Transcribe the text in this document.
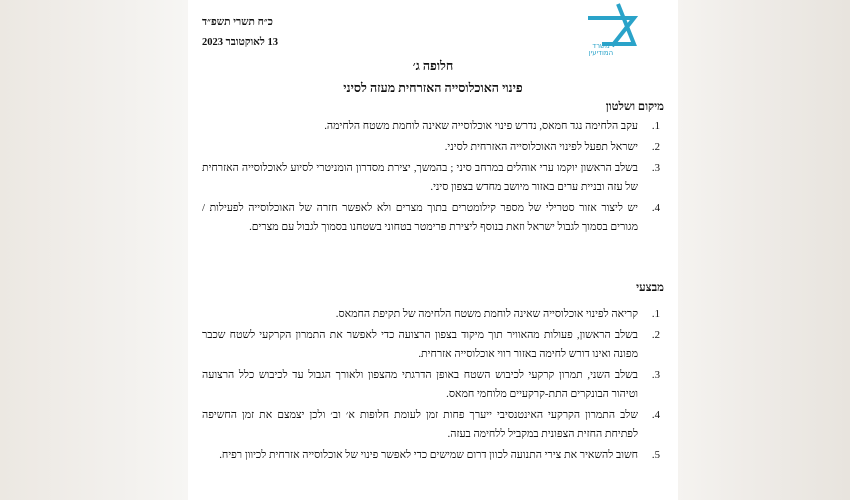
כ״ח תשרי תשפ״ד
13 לאוקטובר 2023	משרד
המודיעין
חלופה ג׳
פינוי האוכלוסייה האזרחית מעזה לסיני
מיקום ושלטון
1.
עקב הלחימה נגד חמאס, נדרש פינוי אוכלוסייה שאינה לוחמת משטח הלחימה.
2.
ישראל תפעל לפינוי האוכלוסייה האזרחית לסיני.
3.
בשלב הראשון יוקמו ערי אוהלים במרחב סיני ; בהמשך, יצירת מסדרון הומניטרי לסיוע לאוכלוסייה האזרחית של עזה ובניית ערים באזור מיושב מחדש בצפון סיני.
4.
יש ליצור אזור סטרילי של מספר קילומטרים בתוך מצרים ולא לאפשר חזרה של האוכלוסייה לפעילות / מגורים בסמוך לגבול ישראל וזאת בנוסף ליצירת פרימטר בטחוני בשטחנו בסמוך לגבול עם מצרים.
מבצעי
1.
קריאה לפינוי אוכלוסייה שאינה לוחמת משטח הלחימה של תקיפת החמאס.
2.
בשלב הראשון, פעולות מהאוויר תוך מיקוד בצפון הרצועה כדי לאפשר את התמרון הקרקעי לשטח שכבר מפונה ואינו דורש לחימה באזור רווי אוכלוסייה אזרחית.
3.
בשלב השני, תמרון קרקעי לכיבוש השטח באופן הדרגתי מהצפון ולאורך הגבול עד לכיבוש כלל הרצועה וטיהור הבונקרים התת-קרקעיים מלוחמי חמאס.
4.
שלב התמרון הקרקעי האינטנסיבי ייערך פחות זמן לעומת חלופות א׳ וב׳ ולכן יצמצם את זמן החשיפה לפתיחת החזית הצפונית במקביל ללחימה בעזה.
5.
חשוב להשאיר את צירי התנועה לכוון דרום שמישים כדי לאפשר פינוי של אוכלוסייה אזרחית לכיוון רפיח.
